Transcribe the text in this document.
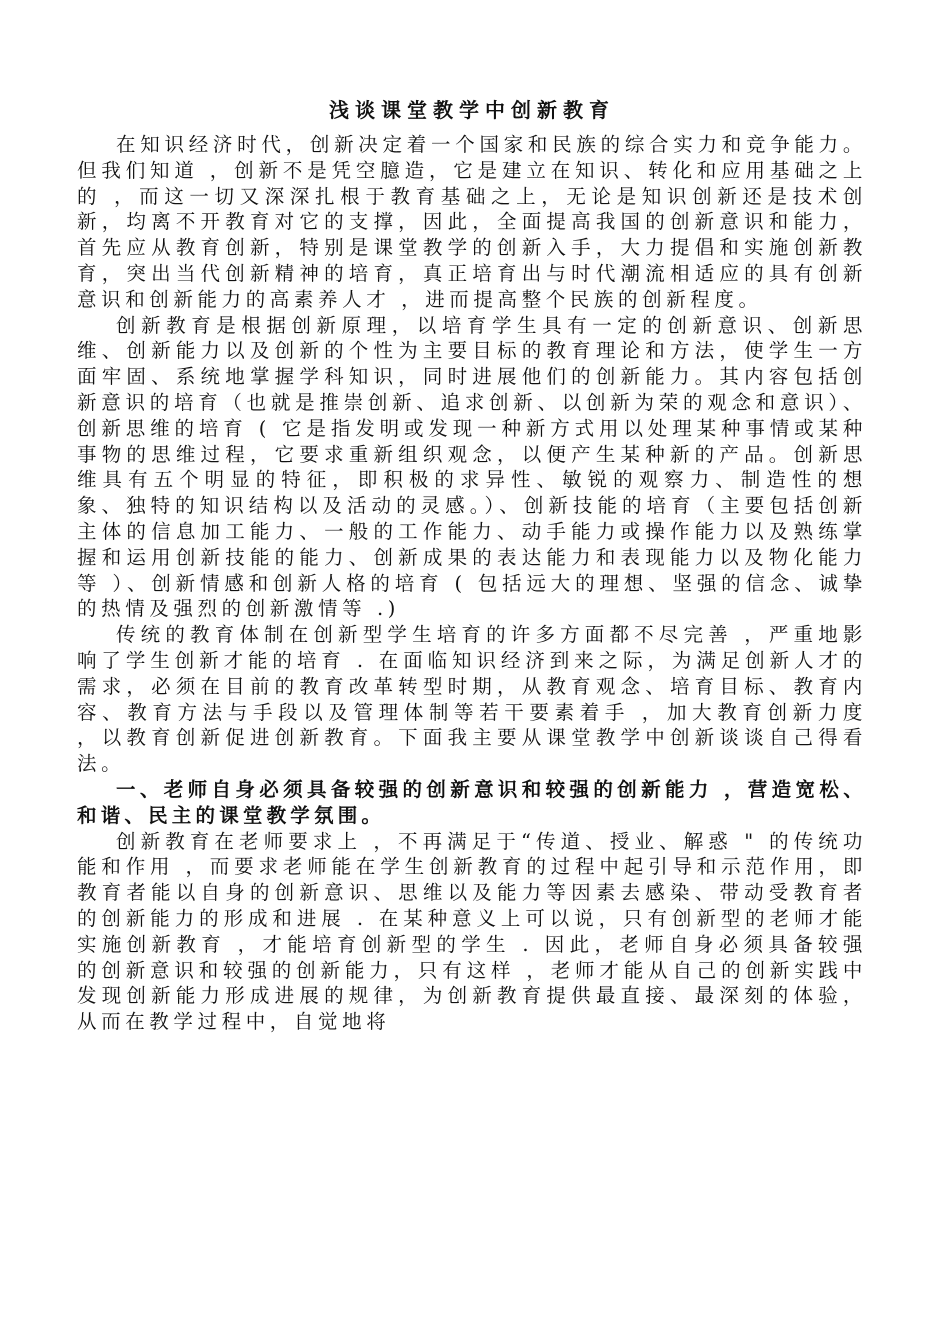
浅谈课堂教学中创新教育

在知识经济时代，创新决定着一个国家和民族的综合实力和竞争能力。但我们知道 ，创新不是凭空臆造，它是建立在知识、转化和应用基础之上的 ，而这一切又深深扎根于教育基础之上，无论是知识创新还是技术创新，均离不开教育对它的支撑，因此，全面提高我国的创新意识和能力，首先应从教育创新，特别是课堂教学的创新入手，大力提倡和实施创新教育，突出当代创新精神的培育，真正培育出与时代潮流相适应的具有创新意识和创新能力的高素养人才 ，进而提高整个民族的创新程度。

创新教育是根据创新原理，以培育学生具有一定的创新意识、创新思维、创新能力以及创新的个性为主要目标的教育理论和方法，使学生一方面牢固、系统地掌握学科知识，同时进展他们的创新能力。其内容包括创新意识的培育（也就是推崇创新、追求创新、以创新为荣的观念和意识）、创新思维的培育 ( 它是指发明或发现一种新方式用以处理某种事情或某种事物的思维过程，它要求重新组织观念，以便产生某种新的产品。创新思维具有五个明显的特征，即积极的求异性、敏锐的观察力、制造性的想象、独特的知识结构以及活动的灵感。）、创新技能的培育（主要包括创新主体的信息加工能力、一般的工作能力、动手能力或操作能力以及熟练掌握和运用创新技能的能力、创新成果的表达能力和表现能力以及物化能力等 ）、创新情感和创新人格的培育 ( 包括远大的理想、坚强的信念、诚挚的热情及强烈的创新激情等 .)

传统的教育体制在创新型学生培育的许多方面都不尽完善 ，严重地影响了学生创新才能的培育 . 在面临知识经济到来之际，为满足创新人才的需求，必须在目前的教育改革转型时期，从教育观念、培育目标、教育内容、教育方法与手段以及管理体制等若干要素着手 ，加大教育创新力度 ，以教育创新促进创新教育。下面我主要从课堂教学中创新谈谈自己得看法。

一、老师自身必须具备较强的创新意识和较强的创新能力 ，营造宽松、和谐、民主的课堂教学氛围。

创新教育在老师要求上 ，不再满足于“传道、授业、解惑 " 的传统功能和作用 ，而要求老师能在学生创新教育的过程中起引导和示范作用，即教育者能以自身的创新意识、思维以及能力等因素去感染、带动受教育者的创新能力的形成和进展 . 在某种意义上可以说，只有创新型的老师才能实施创新教育 ，才能培育创新型的学生 . 因此，老师自身必须具备较强的创新意识和较强的创新能力，只有这样 ，老师才能从自己的创新实践中发现创新能力形成进展的规律，为创新教育提供最直接、最深刻的体验，从而在教学过程中，自觉地将
